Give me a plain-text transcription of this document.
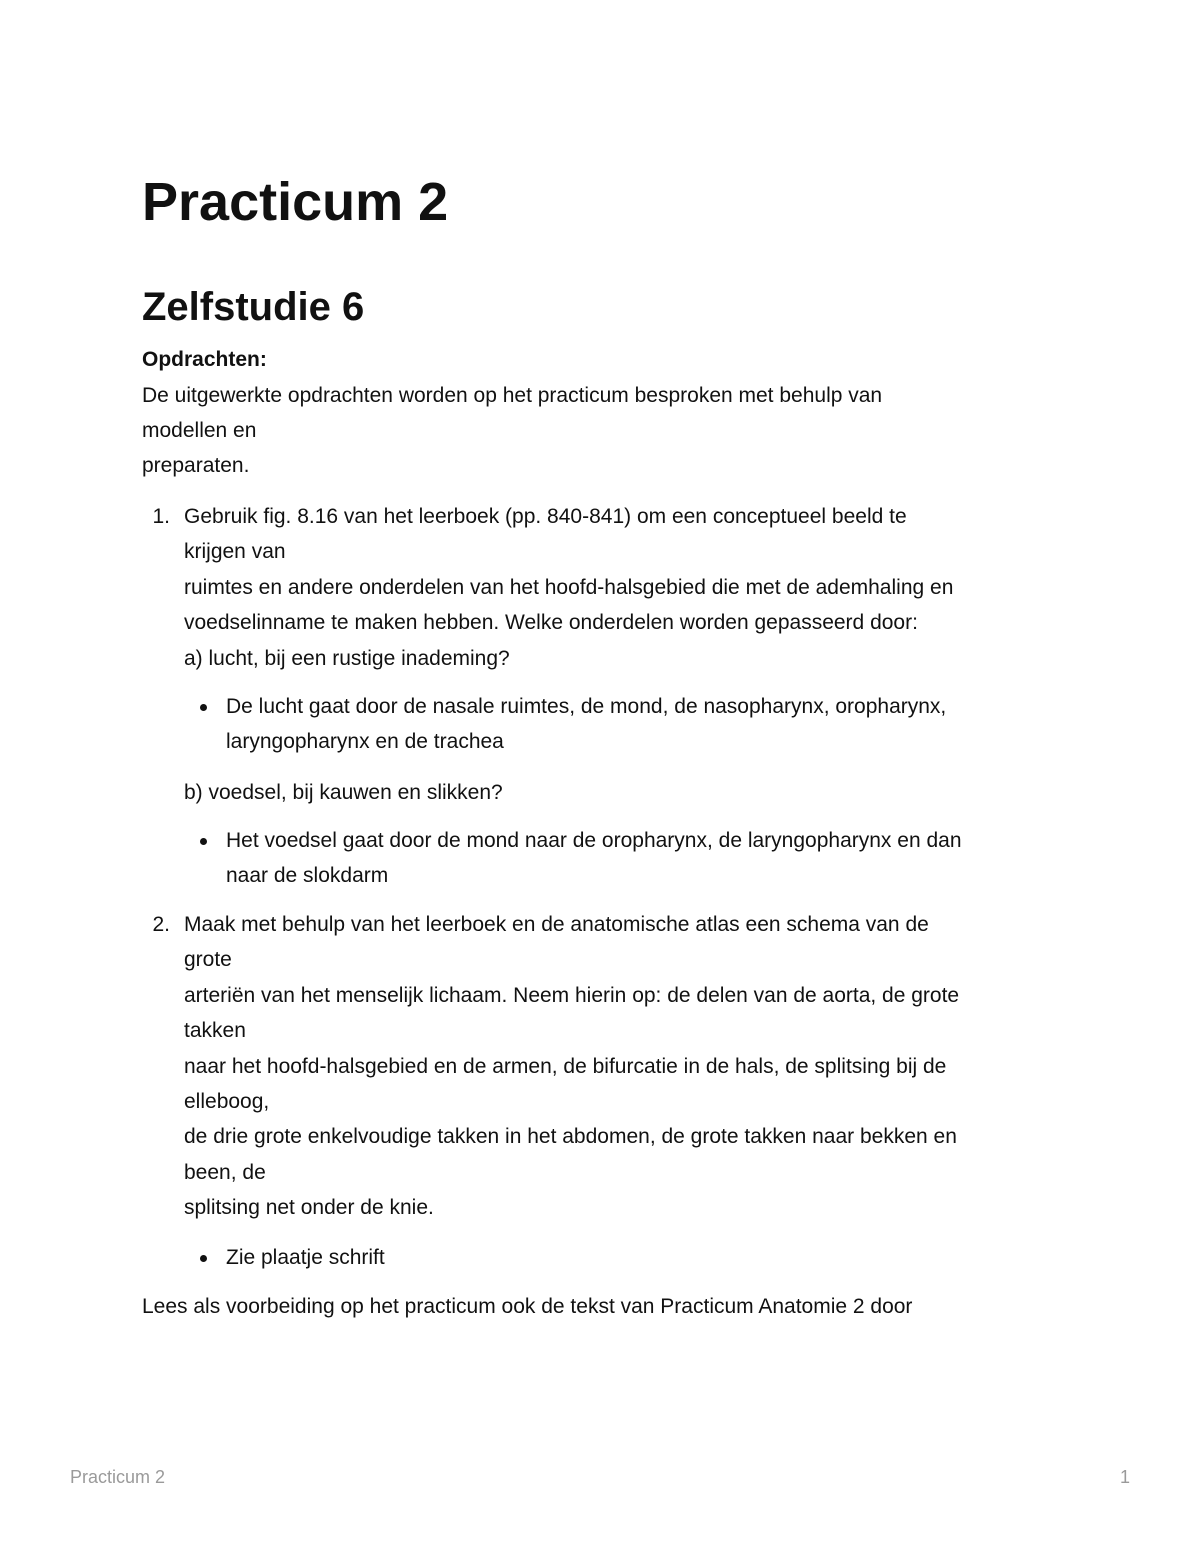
Practicum 2
Zelfstudie 6

Opdrachten:

De uitgewerkte opdrachten worden op het practicum besproken met behulp van

modellen en

preparaten.

1. Gebruik fig. 8.16 van het leerboek (pp. 840-841) om een conceptueel beeld te

krijgen van

ruimtes en andere onderdelen van het hoofd-halsgebied die met de ademhaling en

voedselinname te maken hebben. Welke onderdelen worden gepasseerd door:

a) lucht, bij een rustige inademing?

De lucht gaat door de nasale ruimtes, de mond, de nasopharynx, oropharynx,

laryngopharynx en de trachea

b) voedsel, bij kauwen en slikken?

Het voedsel gaat door de mond naar de oropharynx, de laryngopharynx en dan

naar de slokdarm

2. Maak met behulp van het leerboek en de anatomische atlas een schema van de

grote

arteriën van het menselijk lichaam. Neem hierin op: de delen van de aorta, de grote

takken

naar het hoofd-halsgebied en de armen, de bifurcatie in de hals, de splitsing bij de

elleboog,

de drie grote enkelvoudige takken in het abdomen, de grote takken naar bekken en

been, de

splitsing net onder de knie.

Zie plaatje schrift

Lees als voorbeiding op het practicum ook de tekst van Practicum Anatomie 2 door

Practicum 2	1
